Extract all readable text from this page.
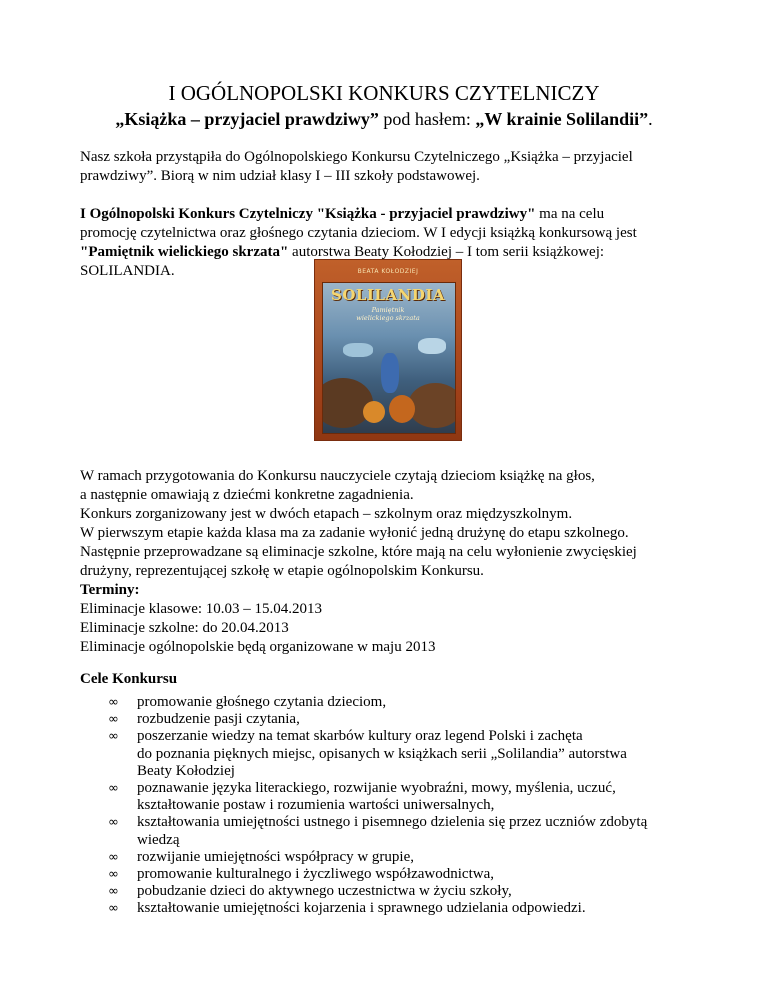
I OGÓLNOPOLSKI KONKURS CZYTELNICZY

„Książka – przyjaciel prawdziwy” pod hasłem: „W krainie Solilandii”.

Nasz szkoła przystąpiła do Ogólnopolskiego Konkursu Czytelniczego „Książka – przyjaciel
prawdziwy”. Biorą w nim udział klasy I – III szkoły podstawowej.

I Ogólnopolski Konkurs Czytelniczy "Książka - przyjaciel prawdziwy" ma na celu
promocję czytelnictwa oraz głośnego czytania dzieciom. W I edycji książką konkursową jest
"Pamiętnik wielickiego skrzata" autorstwa Beaty Kołodziej – I tom serii książkowej:
SOLILANDIA.	BEATA KOŁODZIEJ
SOLILANDIA
Pamiętnik
wielickiego skrzata

W ramach przygotowania do Konkursu nauczyciele czytają dzieciom książkę na głos,
a następnie omawiają z dziećmi konkretne zagadnienia.
Konkurs zorganizowany jest w dwóch etapach – szkolnym oraz międzyszkolnym.
W pierwszym etapie każda klasa ma za zadanie wyłonić jedną drużynę do etapu szkolnego.
Następnie przeprowadzane są eliminacje szkolne, które mają na celu wyłonienie zwycięskiej
drużyny, reprezentującej szkołę w etapie ogólnopolskim Konkursu.

Terminy:
Eliminacje klasowe: 10.03 – 15.04.2013
Eliminacje szkolne: do 20.04.2013
Eliminacje ogólnopolskie będą organizowane w maju 2013

Cele Konkursu

∞ promowanie głośnego czytania dzieciom,
∞ rozbudzenie pasji czytania,
∞ poszerzanie wiedzy na temat skarbów kultury oraz legend Polski i zachęta
do poznania pięknych miejsc, opisanych w książkach serii „Solilandia” autorstwa
Beaty Kołodziej
∞ poznawanie języka literackiego, rozwijanie wyobraźni, mowy, myślenia, uczuć,
kształtowanie postaw i rozumienia wartości uniwersalnych,
∞ kształtowania umiejętności ustnego i pisemnego dzielenia się przez uczniów zdobytą
wiedzą
∞ rozwijanie umiejętności współpracy w grupie,
∞ promowanie kulturalnego i życzliwego współzawodnictwa,
∞ pobudzanie dzieci do aktywnego uczestnictwa w życiu szkoły,
∞ kształtowanie umiejętności kojarzenia i sprawnego udzielania odpowiedzi.
